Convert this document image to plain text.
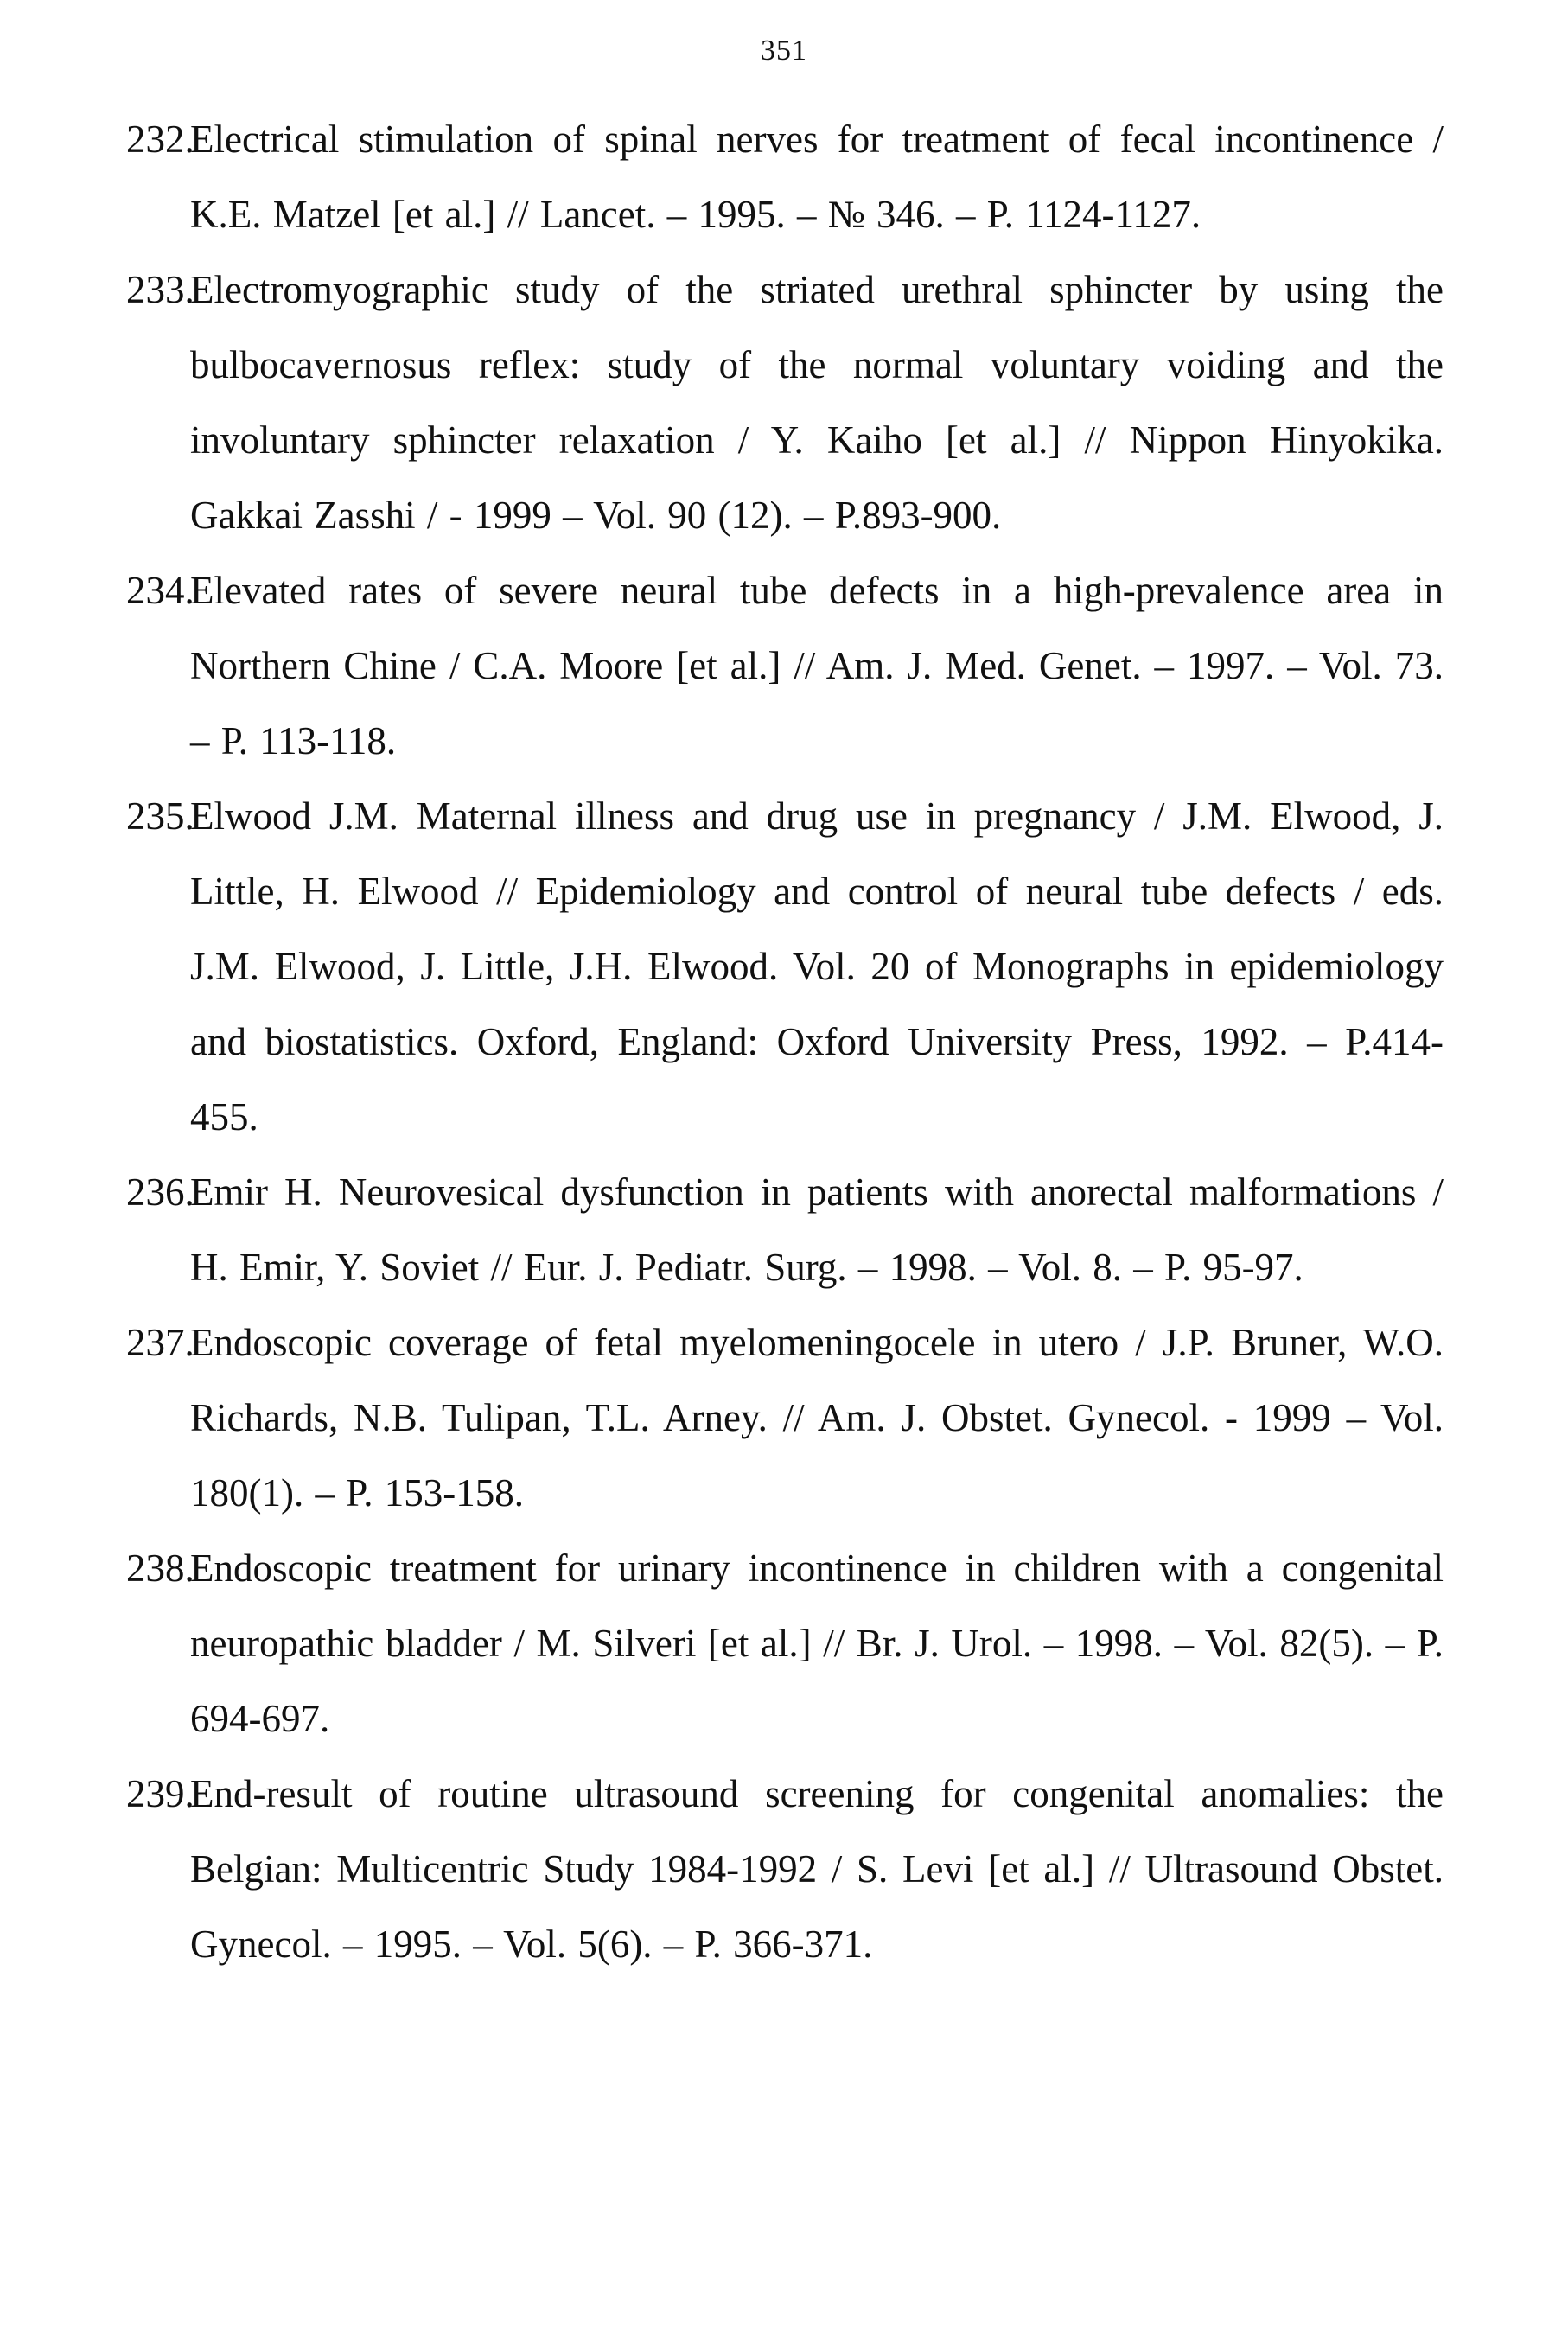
351
232.
Electrical stimulation of spinal nerves for treatment of fecal incontinence / K.E. Matzel [et al.] // Lancet. – 1995. – № 346. – P. 1124-1127.
233.
Electromyographic study of the striated urethral sphincter by using the bulbocavernosus reflex: study of the normal voluntary voiding and the involuntary sphincter relaxation / Y. Kaiho [et al.] // Nippon Hinyokika. Gakkai Zasshi / - 1999 – Vol. 90 (12). – P.893-900.
234.
Elevated rates of severe neural tube defects in a high-prevalence area in Northern Chine / C.A. Moore [et al.] // Am. J. Med. Genet. – 1997. – Vol. 73. – P. 113-118.
235.
Elwood J.M. Maternal illness and drug use in pregnancy / J.M. Elwood, J. Little, H. Elwood // Epidemiology and control of neural tube defects / eds. J.M. Elwood, J. Little, J.H. Elwood. Vol. 20 of Monographs in epidemiology and biostatistics. Oxford, England: Oxford University Press, 1992. – P.414-455.
236.
Emir H. Neurovesical dysfunction in patients with anorectal malformations / H. Emir, Y. Soviet // Eur. J. Pediatr. Surg. – 1998. – Vol. 8. – P. 95-97.
237.
Endoscopic coverage of fetal myelomeningocele in utero / J.P. Bruner, W.O. Richards, N.B. Tulipan, T.L. Arney. // Am. J. Obstet. Gynecol. - 1999 – Vol. 180(1). – P. 153-158.
238.
Endoscopic treatment for urinary incontinence in children with a congenital neuropathic bladder / M. Silveri [et al.] // Br. J. Urol. – 1998. – Vol. 82(5). – P. 694-697.
239.
End-result of routine ultrasound screening for congenital anomalies: the Belgian: Multicentric Study 1984-1992 / S. Levi [et al.] // Ultrasound Obstet. Gynecol. – 1995. – Vol. 5(6). – P. 366-371.
